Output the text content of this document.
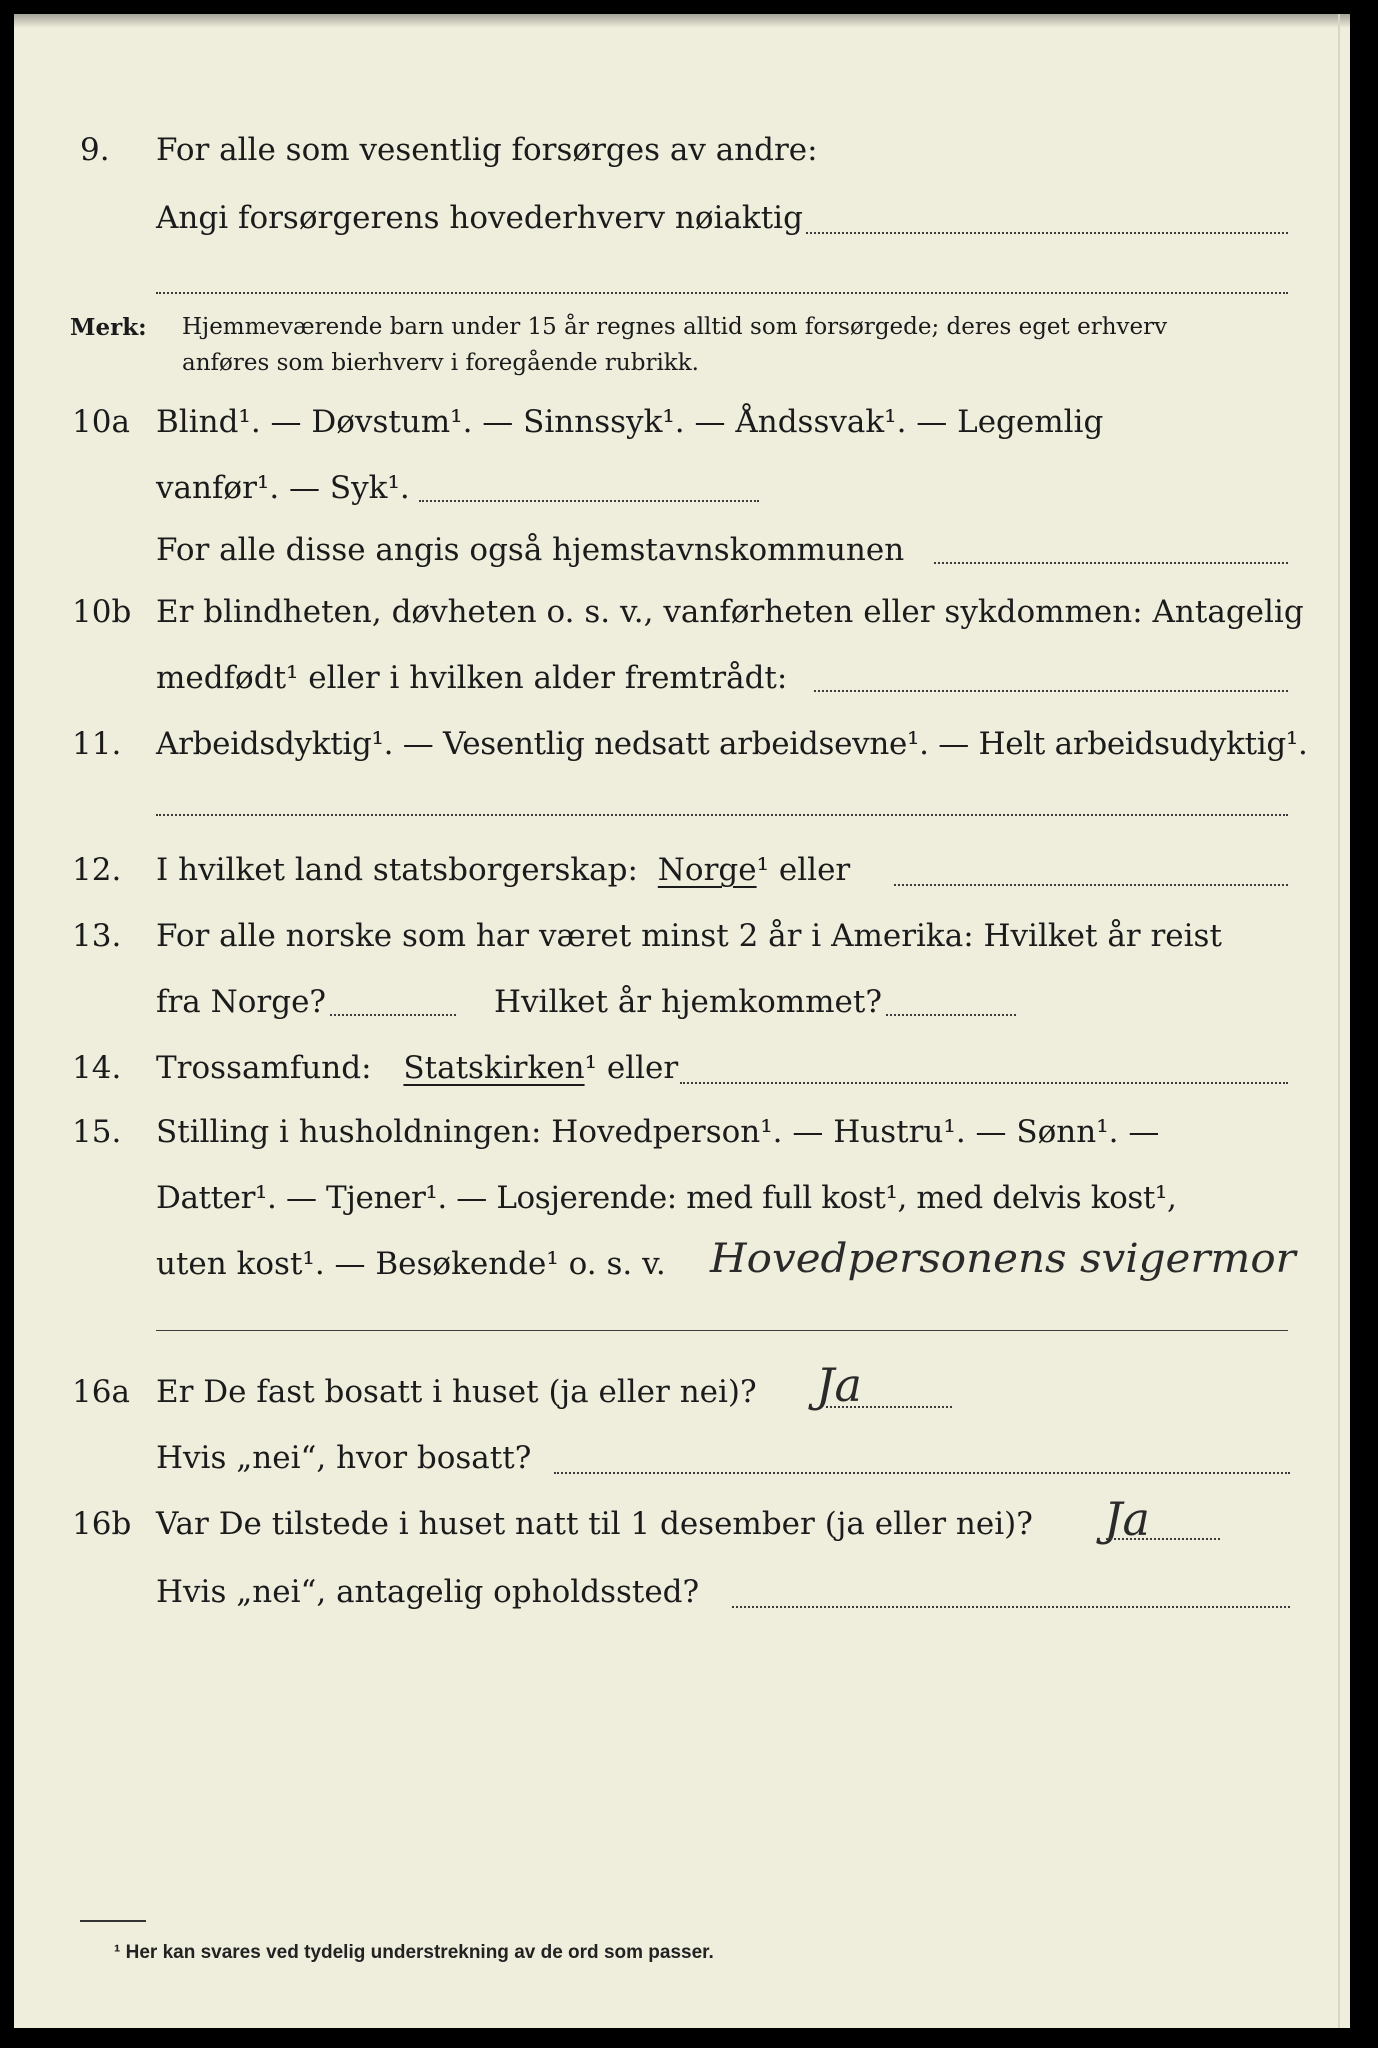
9. For alle som vesentlig forsørges av andre:
Angi forsørgerens hovederhverv nøiaktig
Merk: Hjemmeværende barn under 15 år regnes alltid som forsørgede; deres eget erhverv
anføres som bierhverv i foregående rubrikk.
10a Blind¹. — Døvstum¹. — Sinnssyk¹. — Åndssvak¹. — Legemlig
vanfør¹. — Syk¹.
For alle disse angis også hjemstavnskommunen
10b Er blindheten, døvheten o. s. v., vanførheten eller sykdommen: Antagelig
medfødt¹ eller i hvilken alder fremtrådt:
11. Arbeidsdyktig¹. — Vesentlig nedsatt arbeidsevne¹. — Helt arbeidsudyktig¹.
12. I hvilket land statsborgerskap: Norge¹ eller
13. For alle norske som har været minst 2 år i Amerika: Hvilket år reist
fra Norge?	Hvilket år hjemkommet?
14. Trossamfund: Statskirken¹ eller
15. Stilling i husholdningen: Hovedperson¹. — Hustru¹. — Sønn¹. —
Datter¹. — Tjener¹. — Losjerende: med full kost¹, med delvis kost¹,
uten kost¹. — Besøkende¹ o. s. v. Hovedpersonens svigermor
16a Er De fast bosatt i huset (ja eller nei)? Ja
Hvis „nei“, hvor bosatt?
16b Var De tilstede i huset natt til 1 desember (ja eller nei)? Ja
Hvis „nei“, antagelig opholdssted?
¹ Her kan svares ved tydelig understrekning av de ord som passer.
